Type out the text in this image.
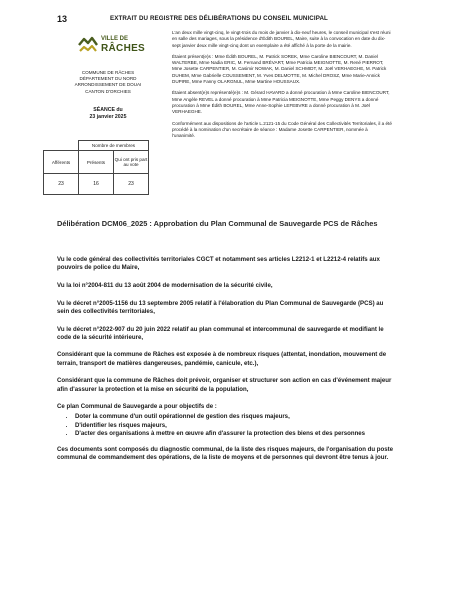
13	EXTRAIT DU REGISTRE DES DÉLIBÉRATIONS DU CONSEIL MUNICIPAL
VILLE DE
RÂCHES
COMMUNE DE RÂCHES
DÉPARTEMENT DU NORD
ARRONDISSEMENT DE DOUAI
CANTON D'ORCHIES
SÉANCE du
23 janvier 2025
	Nombre de membres	
Afférents	Présents	Qui ont pris part au vote
23	16	23

L'an deux mille vingt-cinq, le vingt-trois du mois de janvier à dix-neuf heures, le conseil municipal s'est réuni en salle des mariages, sous la présidence d'Édith BOUREL, Maire, suite à la convocation en date du dix-sept janvier deux mille vingt-cinq dont un exemplaire a été affiché à la porte de la mairie.

Étaient présent(e)s : Mme Édith BOUREL, M. Patrick SOREK, Mme Caroline BIENCOURT, M. Daniel WALTERBE, Mme Nadia ERIC, M. Fernand BRÉVART, Mme Patricia MEIGNOTTE, M. René PIERROT, Mme Josette CARPENTIER, M. Casimir NOWAK, M. Daniel SCHMIDT, M. Joël VERHAEGHE, M. Patrick DUHEM, Mme Gabrielle COUSSEMENT, M. Yves DELMOTTE, M. Michel DROSZ, Mme Marie-Annick DUPIRE, Mme Fanny OLARGNUL, Mme Martine HOUSSAUX.

Étaient absent(e)s représenté(e)s : M. Gérard HAVARD a donné procuration à Mme Caroline BIENCOURT, Mme Angèle REVEL a donné procuration à Mme Patricia MEIGNOTTE, Mme Peggy DENYS a donné procuration à Mme Édith BOUREL, Mme Anne-Sophie LEFEBVRE a donné procuration à M. Joël VERHAEGHE.

Conformément aux dispositions de l'article L.2121-15 du Code Général des Collectivités Territoriales, il a été procédé à la nomination d'un secrétaire de séance : Madame Josette CARPENTIER, nommée à l'unanimité.

Délibération DCM06_2025 : Approbation du Plan Communal de Sauvegarde PCS de Râches

Vu le code général des collectivités territoriales CGCT et notamment ses articles L2212-1 et L2212-4 relatifs aux pouvoirs de police du Maire,

Vu la loi n°2004-811 du 13 août 2004 de modernisation de la sécurité civile,

Vu le décret n°2005-1156 du 13 septembre 2005 relatif à l'élaboration du Plan Communal de Sauvegarde (PCS) au sein des collectivités territoriales,

Vu le décret n°2022-907 du 20 juin 2022 relatif au plan communal et intercommunal de sauvegarde et modifiant le code de la sécurité intérieure,

Considérant que la commune de Râches est exposée à de nombreux risques (attentat, inondation, mouvement de terrain, transport de matières dangereuses, pandémie, canicule, etc.),

Considérant que la commune de Râches doit prévoir, organiser et structurer son action en cas d'événement majeur afin d'assurer la protection et la mise en sécurité de la population,

Ce plan Communal de Sauvegarde a pour objectifs de :
• Doter la commune d'un outil opérationnel de gestion des risques majeurs,
• D'identifier les risques majeurs,
• D'acter des organisations à mettre en œuvre afin d'assurer la protection des biens et des personnes

Ces documents sont composés du diagnostic communal, de la liste des risques majeurs, de l'organisation du poste communal de commandement des opérations, de la liste de moyens et de personnes qui devront être tenus à jour.
